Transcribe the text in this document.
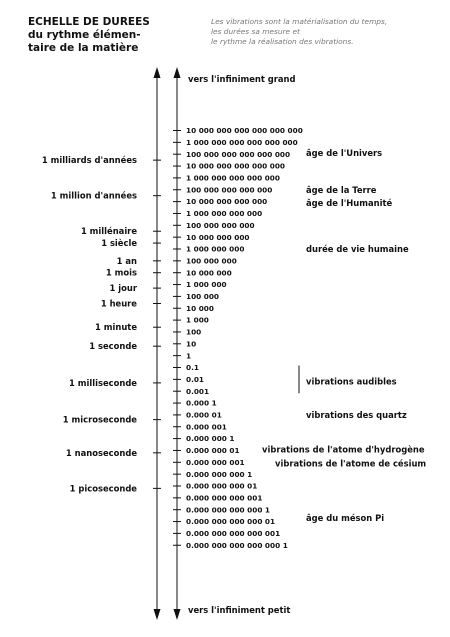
ECHELLE DE DUREES
du rythme élémen-
taire de la matière
Les vibrations sont la matérialisation du temps,
les durées sa mesure et
le rythme la réalisation des vibrations.
10 000 000 000 000 000 000
1 000 000 000 000 000 000
100 000 000 000 000 000
10 000 000 000 000 000
1 000 000 000 000 000
100 000 000 000 000
10 000 000 000 000
1 000 000 000 000
100 000 000 000
10 000 000 000
1 000 000 000
100 000 000
10 000 000
1 000 000
100 000
10 000
1 000
100
10
1
0.1
0.01
0.001
0.000 1
0.000 01
0.000 001
0.000 000 1
0.000 000 01
0.000 000 001
0.000 000 000 1
0.000 000 000 01
0.000 000 000 001
0.000 000 000 000 1
0.000 000 000 000 01
0.000 000 000 000 001
0.000 000 000 000 000 1
1 milliards d'années
1 million d'années
1 millénaire
1 siècle
1 an
1 mois
1 jour
1 heure
1 minute
1 seconde
1 milliseconde
1 microseconde
1 nanoseconde
1 picoseconde
âge de l'Univers
âge de la Terre
âge de l'Humanité
durée de vie humaine
vibrations audibles
vibrations des quartz
vibrations de l'atome d'hydrogène
vibrations de l'atome de césium
âge du méson Pi
vers l'infiniment grand
vers l'infiniment petit
